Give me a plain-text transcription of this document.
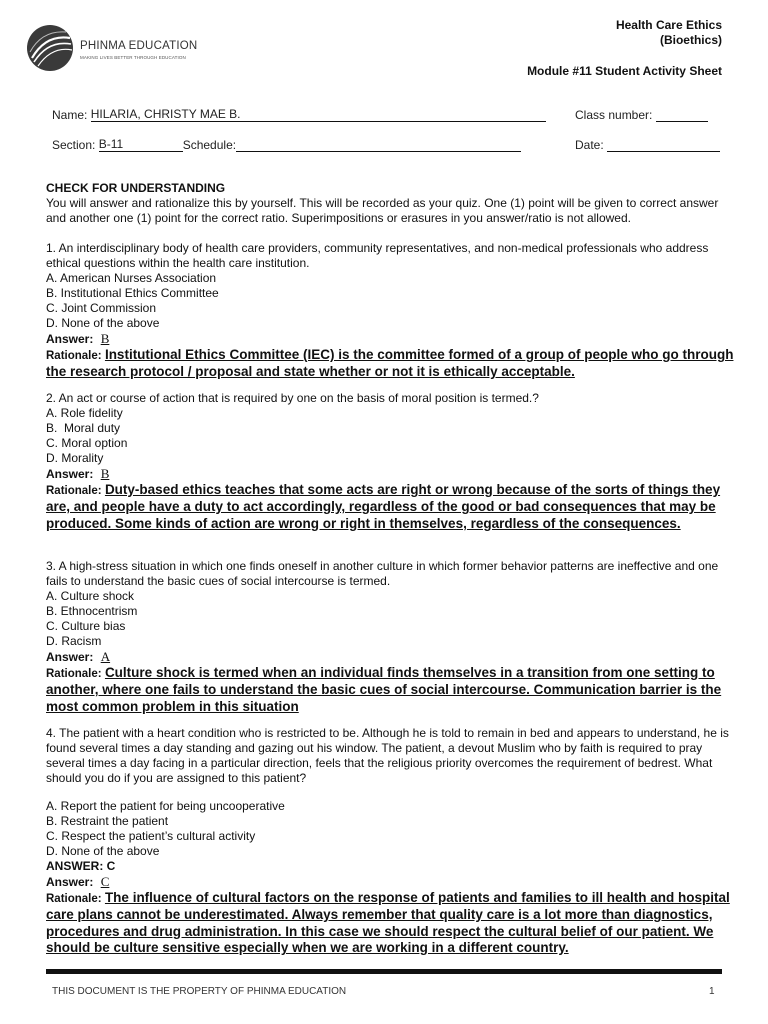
PHINMA EDUCATION
MAKING LIVES BETTER THROUGH EDUCATION
Health Care Ethics
(Bioethics)
Module #11 Student Activity Sheet
Name: HILARIA, CHRISTY MAE B.	Class number:
Section: B-11	Schedule:	Date:

CHECK FOR UNDERSTANDING

You will answer and rationalize this by yourself. This will be recorded as your quiz. One (1) point will be given to correct answer and another one (1) point for the correct ratio. Superimpositions or erasures in you answer/ratio is not allowed.

1. An interdisciplinary body of health care providers, community representatives, and non-medical professionals who address ethical questions within the health care institution.

A. American Nurses Association

B. Institutional Ethics Committee

C. Joint Commission

D. None of the above

Answer: B

Rationale: Institutional Ethics Committee (IEC) is the committee formed of a group of people who go through the research protocol / proposal and state whether or not it is ethically acceptable.

2. An act or course of action that is required by one on the basis of moral position is termed.?

A. Role fidelity

B.  Moral duty

C. Moral option

D. Morality

Answer: B

Rationale: Duty-based ethics teaches that some acts are right or wrong because of the sorts of things they are, and people have a duty to act accordingly, regardless of the good or bad consequences that may be produced. Some kinds of action are wrong or right in themselves, regardless of the consequences.

3. A high-stress situation in which one finds oneself in another culture in which former behavior patterns are ineffective and one fails to understand the basic cues of social intercourse is termed.

A. Culture shock

B. Ethnocentrism

C. Culture bias

D. Racism

Answer: A

Rationale: Culture shock is termed when an individual finds themselves in a transition from one setting to another, where one fails to understand the basic cues of social intercourse. Communication barrier is the most common problem in this situation

4. The patient with a heart condition who is restricted to be. Although he is told to remain in bed and appears to understand, he is found several times a day standing and gazing out his window. The patient, a devout Muslim who by faith is required to pray several times a day facing in a particular direction, feels that the religious priority overcomes the requirement of bedrest. What should you do if you are assigned to this patient?

A. Report the patient for being uncooperative

B. Restraint the patient

C. Respect the patient’s cultural activity

D. None of the above

ANSWER: C

Answer: C

Rationale: The influence of cultural factors on the response of patients and families to ill health and hospital care plans cannot be underestimated. Always remember that quality care is a lot more than diagnostics, procedures and drug administration. In this case we should respect the cultural belief of our patient. We should be culture sensitive especially when we are working in a different country.

THIS DOCUMENT IS THE PROPERTY OF PHINMA EDUCATION	1
